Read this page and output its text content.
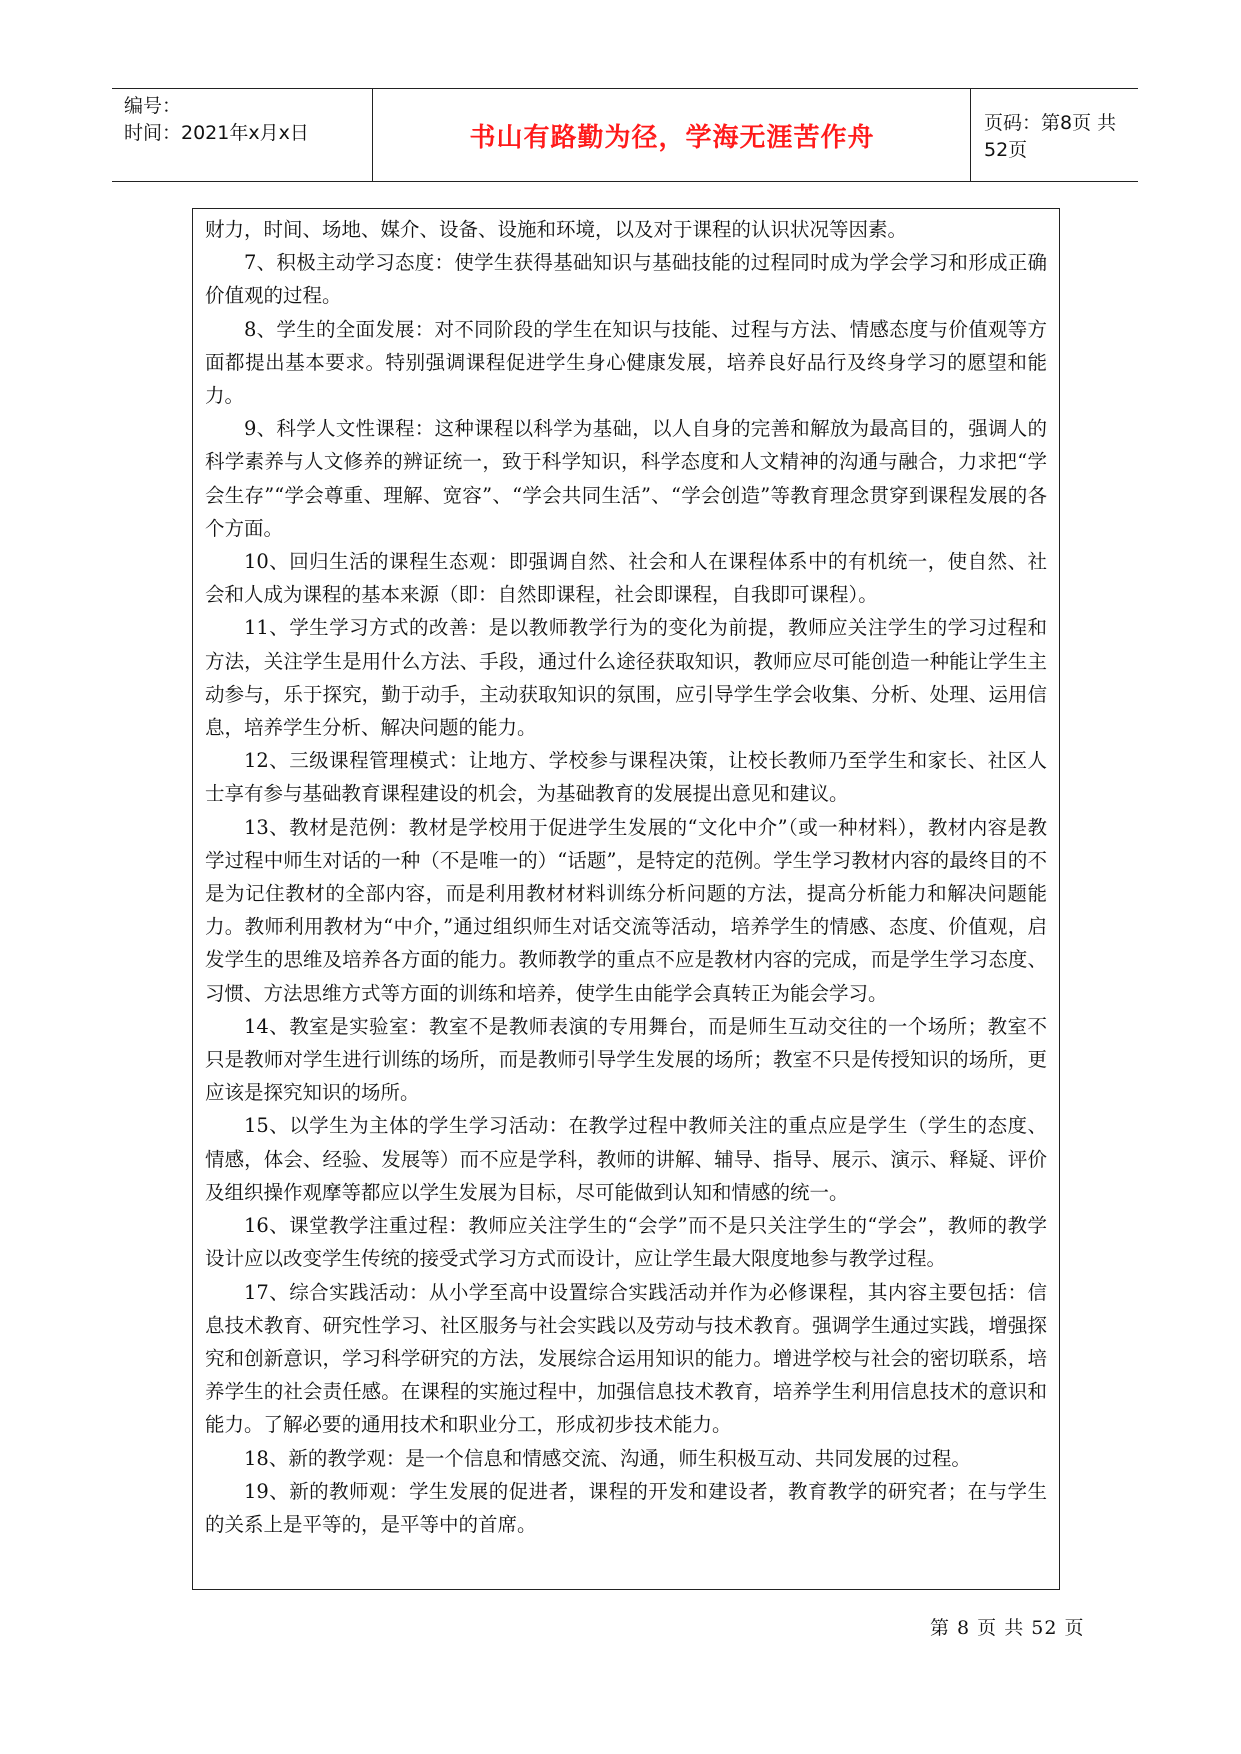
编号：
时间：2021年x月x日	书山有路勤为径，学海无涯苦作舟	页码：第8页 共52页

财力，时间、场地、媒介、设备、设施和环境，以及对于课程的认识状况等因素。

7、积极主动学习态度：使学生获得基础知识与基础技能的过程同时成为学会学习和形成正确价值观的过程。

8、学生的全面发展：对不同阶段的学生在知识与技能、过程与方法、情感态度与价值观等方面都提出基本要求。特别强调课程促进学生身心健康发展，培养良好品行及终身学习的愿望和能力。

9、科学人文性课程：这种课程以科学为基础，以人自身的完善和解放为最高目的，强调人的科学素养与人文修养的辨证统一，致于科学知识，科学态度和人文精神的沟通与融合，力求把“学会生存”“学会尊重、理解、宽容”、“学会共同生活”、“学会创造”等教育理念贯穿到课程发展的各个方面。

10、回归生活的课程生态观：即强调自然、社会和人在课程体系中的有机统一，使自然、社会和人成为课程的基本来源（即：自然即课程，社会即课程，自我即可课程）。

11、学生学习方式的改善：是以教师教学行为的变化为前提，教师应关注学生的学习过程和方法，关注学生是用什么方法、手段，通过什么途径获取知识，教师应尽可能创造一种能让学生主动参与，乐于探究，勤于动手，主动获取知识的氛围，应引导学生学会收集、分析、处理、运用信息，培养学生分析、解决问题的能力。

12、三级课程管理模式：让地方、学校参与课程决策，让校长教师乃至学生和家长、社区人士享有参与基础教育课程建设的机会，为基础教育的发展提出意见和建议。

13、教材是范例：教材是学校用于促进学生发展的“文化中介”（或一种材料），教材内容是教学过程中师生对话的一种（不是唯一的）“话题”，是特定的范例。学生学习教材内容的最终目的不是为记住教材的全部内容，而是利用教材材料训练分析问题的方法，提高分析能力和解决问题能力。教师利用教材为“中介，”通过组织师生对话交流等活动，培养学生的情感、态度、价值观，启发学生的思维及培养各方面的能力。教师教学的重点不应是教材内容的完成，而是学生学习态度、习惯、方法思维方式等方面的训练和培养，使学生由能学会真转正为能会学习。

14、教室是实验室：教室不是教师表演的专用舞台，而是师生互动交往的一个场所；教室不只是教师对学生进行训练的场所，而是教师引导学生发展的场所；教室不只是传授知识的场所，更应该是探究知识的场所。

15、以学生为主体的学生学习活动：在教学过程中教师关注的重点应是学生（学生的态度、情感，体会、经验、发展等）而不应是学科，教师的讲解、辅导、指导、展示、演示、释疑、评价及组织操作观摩等都应以学生发展为目标，尽可能做到认知和情感的统一。

16、课堂教学注重过程：教师应关注学生的“会学”而不是只关注学生的“学会”，教师的教学设计应以改变学生传统的接受式学习方式而设计，应让学生最大限度地参与教学过程。

17、综合实践活动：从小学至高中设置综合实践活动并作为必修课程，其内容主要包括：信息技术教育、研究性学习、社区服务与社会实践以及劳动与技术教育。强调学生通过实践，增强探究和创新意识，学习科学研究的方法，发展综合运用知识的能力。增进学校与社会的密切联系，培养学生的社会责任感。在课程的实施过程中，加强信息技术教育，培养学生利用信息技术的意识和能力。了解必要的通用技术和职业分工，形成初步技术能力。

18、新的教学观：是一个信息和情感交流、沟通，师生积极互动、共同发展的过程。

19、新的教师观：学生发展的促进者，课程的开发和建设者，教育教学的研究者；在与学生的关系上是平等的，是平等中的首席。

第 8 页 共 52 页
